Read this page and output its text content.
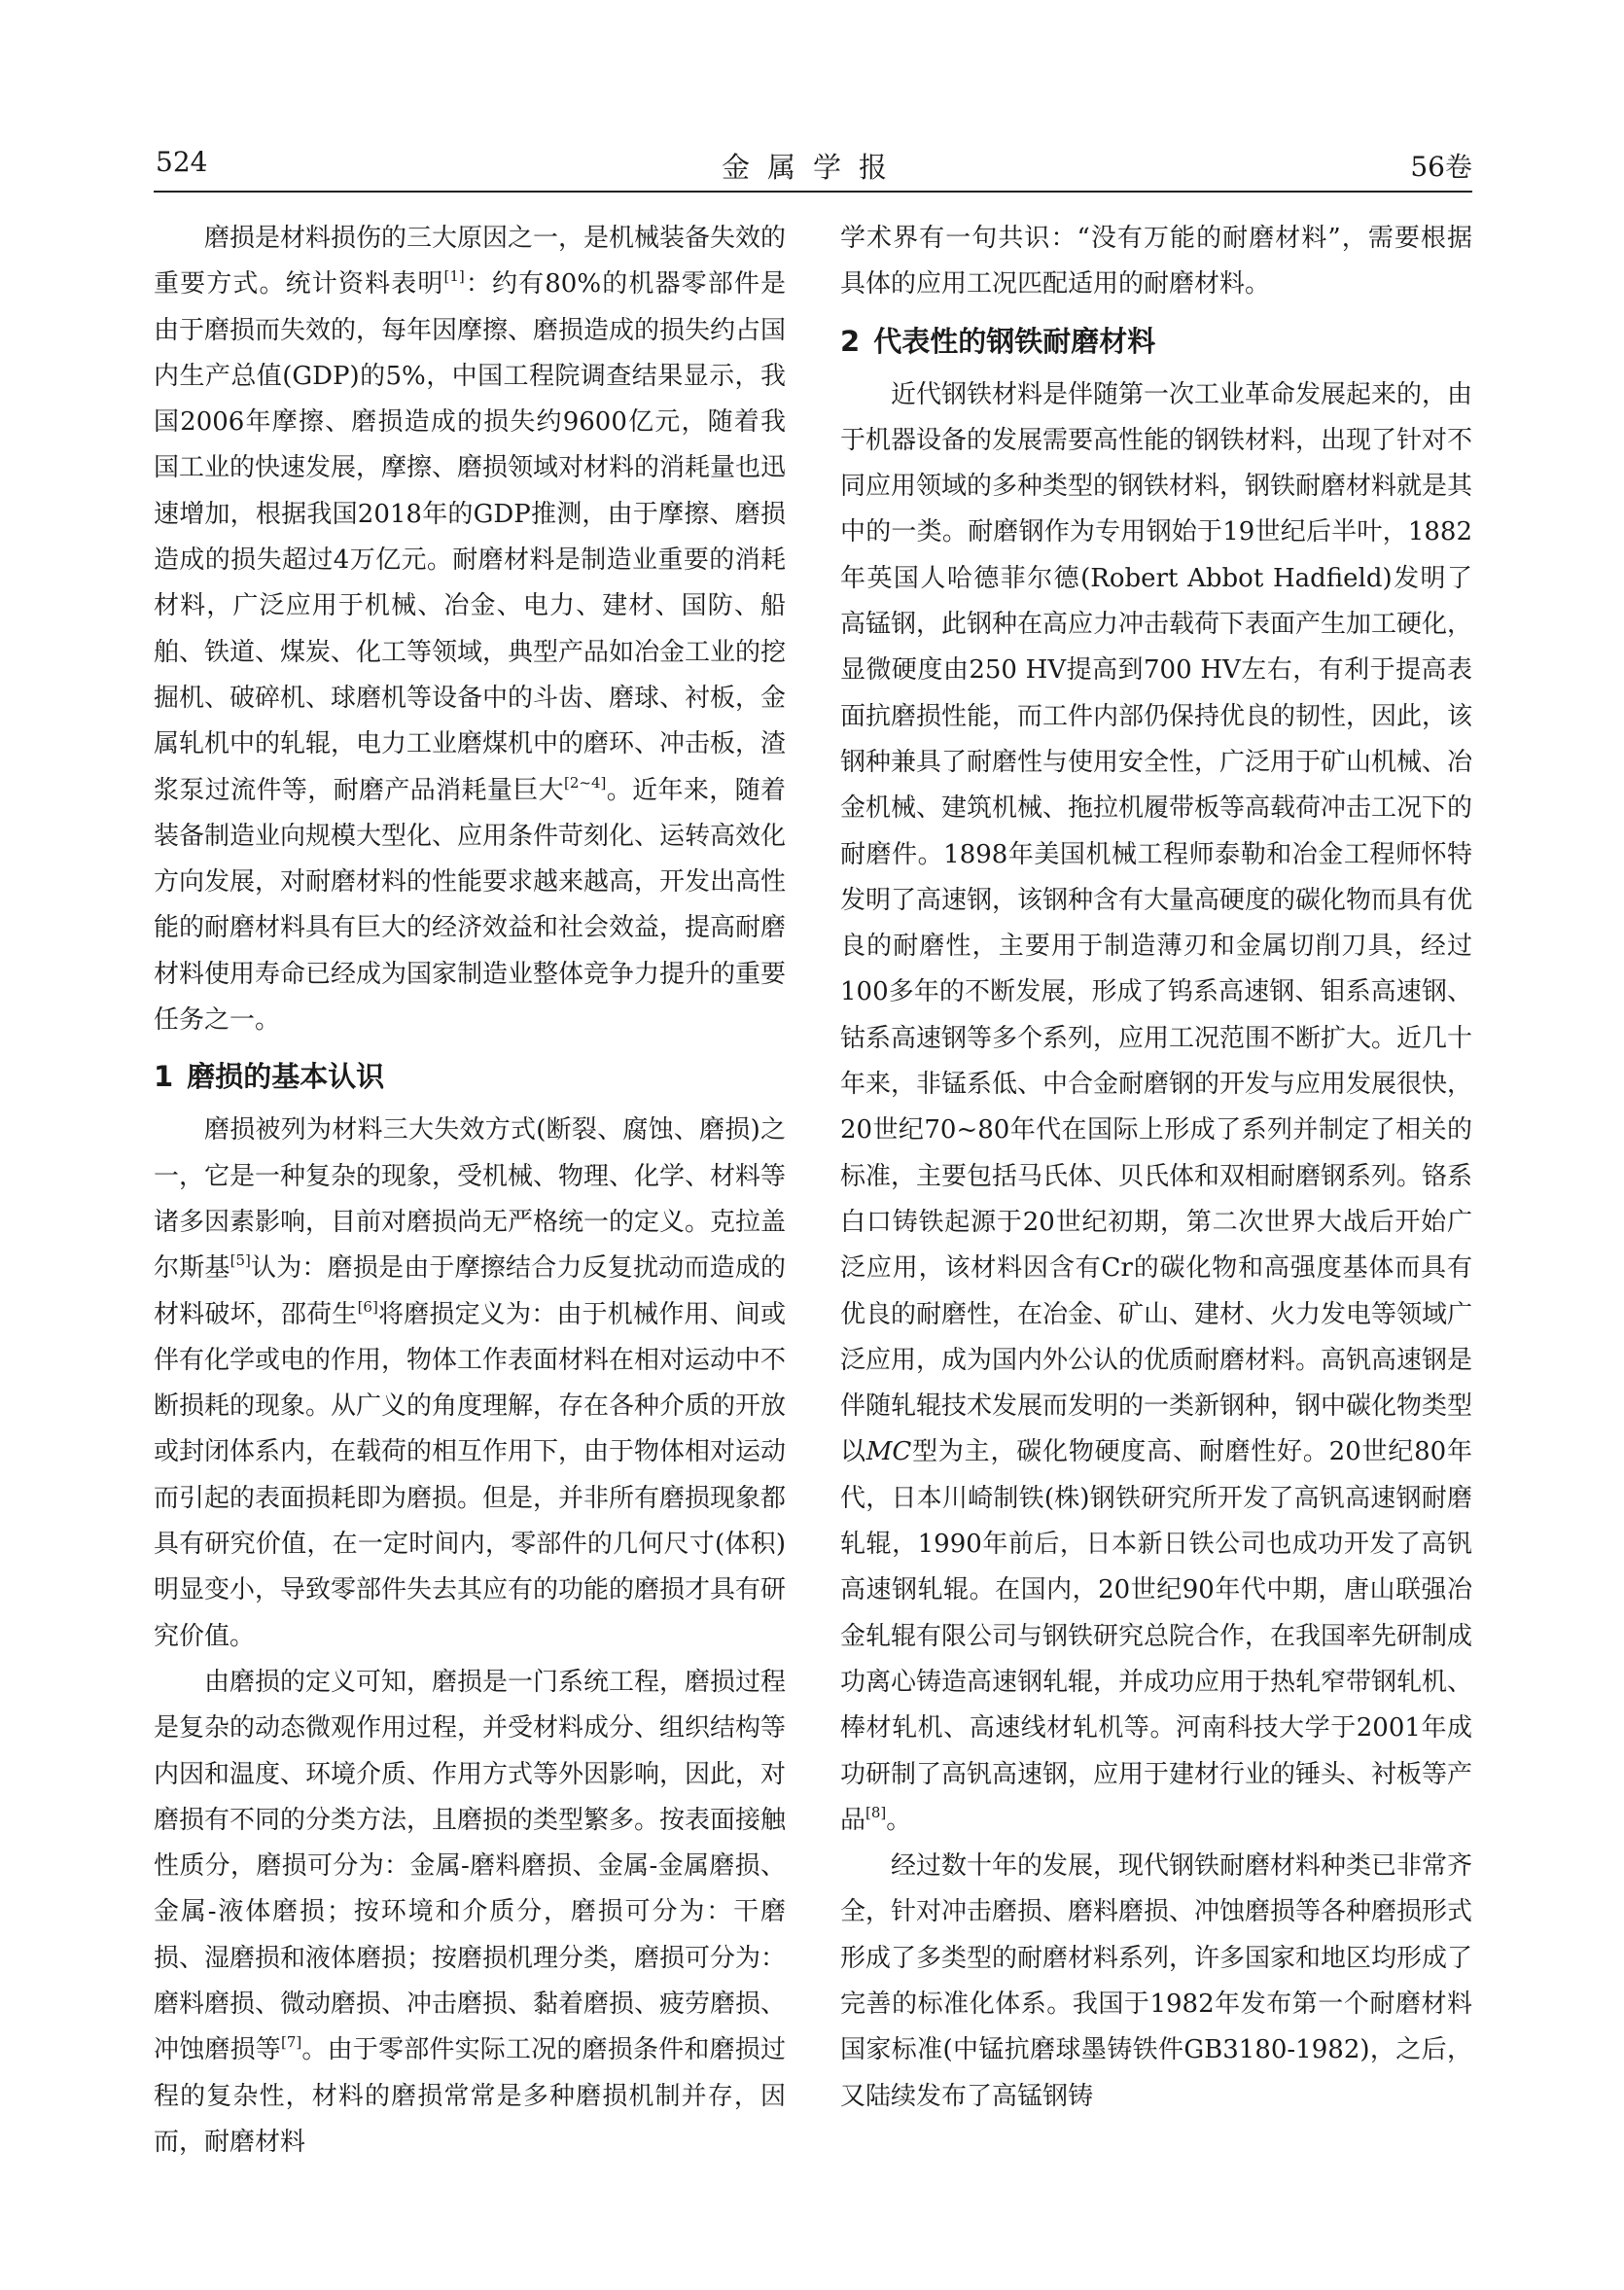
524	金属学报	56卷

磨损是材料损伤的三大原因之一，是机械装备失效的重要方式。统计资料表明[1]：约有80%的机器零部件是由于磨损而失效的，每年因摩擦、磨损造成的损失约占国内生产总值(GDP)的5%，中国工程院调查结果显示，我国2006年摩擦、磨损造成的损失约9600亿元，随着我国工业的快速发展，摩擦、磨损领域对材料的消耗量也迅速增加，根据我国2018年的GDP推测，由于摩擦、磨损造成的损失超过4万亿元。耐磨材料是制造业重要的消耗材料，广泛应用于机械、冶金、电力、建材、国防、船舶、铁道、煤炭、化工等领域，典型产品如冶金工业的挖掘机、破碎机、球磨机等设备中的斗齿、磨球、衬板，金属轧机中的轧辊，电力工业磨煤机中的磨环、冲击板，渣浆泵过流件等，耐磨产品消耗量巨大[2~4]。近年来，随着装备制造业向规模大型化、应用条件苛刻化、运转高效化方向发展，对耐磨材料的性能要求越来越高，开发出高性能的耐磨材料具有巨大的经济效益和社会效益，提高耐磨材料使用寿命已经成为国家制造业整体竞争力提升的重要任务之一。

1 磨损的基本认识

磨损被列为材料三大失效方式(断裂、腐蚀、磨损)之一，它是一种复杂的现象，受机械、物理、化学、材料等诸多因素影响，目前对磨损尚无严格统一的定义。克拉盖尔斯基[5]认为：磨损是由于摩擦结合力反复扰动而造成的材料破坏，邵荷生[6]将磨损定义为：由于机械作用、间或伴有化学或电的作用，物体工作表面材料在相对运动中不断损耗的现象。从广义的角度理解，存在各种介质的开放或封闭体系内，在载荷的相互作用下，由于物体相对运动而引起的表面损耗即为磨损。但是，并非所有磨损现象都具有研究价值，在一定时间内，零部件的几何尺寸(体积)明显变小，导致零部件失去其应有的功能的磨损才具有研究价值。

由磨损的定义可知，磨损是一门系统工程，磨损过程是复杂的动态微观作用过程，并受材料成分、组织结构等内因和温度、环境介质、作用方式等外因影响，因此，对磨损有不同的分类方法，且磨损的类型繁多。按表面接触性质分，磨损可分为：金属-磨料磨损、金属-金属磨损、金属-液体磨损；按环境和介质分，磨损可分为：干磨损、湿磨损和液体磨损；按磨损机理分类，磨损可分为：磨料磨损、微动磨损、冲击磨损、黏着磨损、疲劳磨损、冲蚀磨损等[7]。由于零部件实际工况的磨损条件和磨损过程的复杂性，材料的磨损常常是多种磨损机制并存，因而，耐磨材料

学术界有一句共识：“没有万能的耐磨材料”，需要根据具体的应用工况匹配适用的耐磨材料。

2 代表性的钢铁耐磨材料

近代钢铁材料是伴随第一次工业革命发展起来的，由于机器设备的发展需要高性能的钢铁材料，出现了针对不同应用领域的多种类型的钢铁材料，钢铁耐磨材料就是其中的一类。耐磨钢作为专用钢始于19世纪后半叶，1882年英国人哈德菲尔德(Robert Abbot Hadfield)发明了高锰钢，此钢种在高应力冲击载荷下表面产生加工硬化，显微硬度由250 HV提高到700 HV左右，有利于提高表面抗磨损性能，而工件内部仍保持优良的韧性，因此，该钢种兼具了耐磨性与使用安全性，广泛用于矿山机械、冶金机械、建筑机械、拖拉机履带板等高载荷冲击工况下的耐磨件。1898年美国机械工程师泰勒和冶金工程师怀特发明了高速钢，该钢种含有大量高硬度的碳化物而具有优良的耐磨性，主要用于制造薄刃和金属切削刀具，经过100多年的不断发展，形成了钨系高速钢、钼系高速钢、钴系高速钢等多个系列，应用工况范围不断扩大。近几十年来，非锰系低、中合金耐磨钢的开发与应用发展很快，20世纪70~80年代在国际上形成了系列并制定了相关的标准，主要包括马氏体、贝氏体和双相耐磨钢系列。铬系白口铸铁起源于20世纪初期，第二次世界大战后开始广泛应用，该材料因含有Cr的碳化物和高强度基体而具有优良的耐磨性，在冶金、矿山、建材、火力发电等领域广泛应用，成为国内外公认的优质耐磨材料。高钒高速钢是伴随轧辊技术发展而发明的一类新钢种，钢中碳化物类型以MC型为主，碳化物硬度高、耐磨性好。20世纪80年代，日本川崎制铁(株)钢铁研究所开发了高钒高速钢耐磨轧辊，1990年前后，日本新日铁公司也成功开发了高钒高速钢轧辊。在国内，20世纪90年代中期，唐山联强冶金轧辊有限公司与钢铁研究总院合作，在我国率先研制成功离心铸造高速钢轧辊，并成功应用于热轧窄带钢轧机、棒材轧机、高速线材轧机等。河南科技大学于2001年成功研制了高钒高速钢，应用于建材行业的锤头、衬板等产品[8]。

经过数十年的发展，现代钢铁耐磨材料种类已非常齐全，针对冲击磨损、磨料磨损、冲蚀磨损等各种磨损形式形成了多类型的耐磨材料系列，许多国家和地区均形成了完善的标准化体系。我国于1982年发布第一个耐磨材料国家标准(中锰抗磨球墨铸铁件GB3180-1982)，之后，又陆续发布了高锰钢铸
